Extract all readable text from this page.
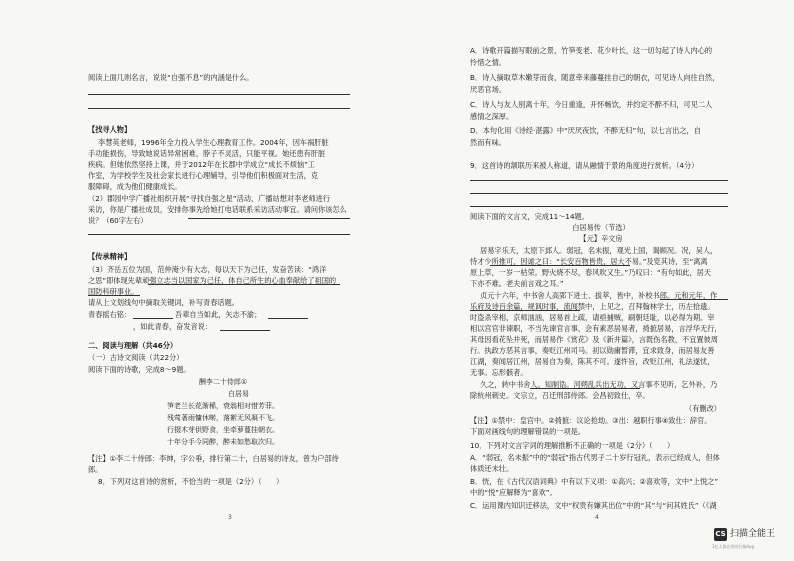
阅读上面几则名言，说说“自强不息”的内涵是什么。
【找寻人物】
李慧英老师，1996年全力投入学生心理教育工作。2004年，因车祸肝脏
手功能损伤，导致她说话异常困难，脖子不灵活，只能平视。她还患有肝脏
疾病。但她依然坚持上课，并于2012年在长郡中学成立“成长不烦恼”工
作室，为学校学生及社会家长进行心理辅导，引导他们积极面对生活，克
服障碍，成为他们健康成长。
（2）郡园中学广播社组织开展“寻找自强之星”活动，广播站想对李老师进行
采访，你是广播社成员，安排你事先给她打电话联系采访活动事宜。请问你该怎么
说？（60字左右）
【传承精神】
（3）齐岳五位为国，范仲淹少有大志，每以天下为己任，发奋苦读：“鸿洋
之思”即体现先辈顽强立志当以国家为己任，体自己所生的心血奉献给了祖国的
国防科研事业。
请从上文划线句中摘取关键词，补写青春话题。
青春摇右铭：	吾辈自当如此，矢志不渝；
，如此青春，奋发音说：
二、阅读与理解（共46分）
（一）古诗文阅读（共22分）
阅读下面的诗歌，完成8～9题。
酬李二十侍郎①
白居易
笋老兰长花渐稀，衰翁相对惜芳菲。
残莺著雨慵休啭，落絮无风凝不飞。
行掇木芽供野食，坐牵萝蔓挂朝衣。
十年分手今同醉，醉未如愁取次归。
【注】①李二十侍郎：李绅，字公垂，排行第二十，白居易的诗友，曾为户部侍
郎。
8．下列对这首诗的赏析，不恰当的一项是（2分）（　　）
3
A．诗歌开篇描写眼前之景，竹笋变老、花少叶长，这一切勾起了诗人内心的
怜惜之情。
B．诗人摘取草木嫩芽而食，随意牵来藤蔓挂自己的朝衣，可见诗人向往自然，
厌恶官场。
C．诗人与友人别离十年，今日重逢，开怀畅饮，并约定不醉不归，可见二人
感情之深厚。
D．本句化用《诗经·湛露》中“厌厌夜饮，不醉无归”句，以七言出之，自
然而有味。
9．这首诗的颔联历来被人称道，请从融情于景的角度进行赏析。（4分）
阅读下面的文言文，完成11～14题。
白居易传（节选）
【元】辛文房
居易字乐天，太原下邽人。弱冠，名未振，观光上国，谒顾况。况，吴人，
恃才少所推可，因谑之曰：“长安百物皆贵，居大不易。”及览其诗，至“离离
原上草，一岁一枯荣。野火烧不尽，春风吹又生。”乃叹曰：“有句如此，居天
下亦不难。老夫前言戏之耳。”
贞元十六年，中书舍人高郢下进士、拔萃，皆中，补校书郎。元和元年，作
乐府及诗百余篇，规讽时事，流闻禁中，上见之，召拜翰林学士，历左拾遗。
时盗杀宰相，京师汹汹，居易首上疏，请亟捕贼，刷朝廷耻，以必得为期。宰
相以宫官非谏职，不当先谏官言事，会有素恶居易者，掎摭居易，言浮华无行，
其母因看花坠井死，而居易作《赏花》及《新井篇》，言既伤名教，不宜置彼周
行。执政方恶其言事，奏贬江州司马。初以勋庸暂滞，宜求致身，而居易友善
江湖，奏闻居江州，居易自为奏，陈其不可。遂忤旨，改贬江州，礼法遂忧，
无事。忘形骸者。
久之，转中书舍人。知制诰。河朔乱兵出无功，又言事不见听，乞外补，乃
除杭州刺史。文宗立，召迁刑部侍郎。会昌初致仕，卒。
（有删改）
【注】①禁中：皇宫中。②掎摭：议论抢劫。③出：越职行事④致仕：辞官。
下面对画线句的理解错误的一项是。
10．下列对文言字词的理解推断不正确的一项是（2分）（　　）
A．“弱冠，名未振”中的“弱冠”指古代男子二十岁行冠礼，表示已经成人，但体
体质还未壮。
B．恍，在《古代汉语词典》中有以下义项：①高兴；②喜欢等，文中“上悦之”
中的“悦”应解释为“喜欢”。
C．运用课内知识迁移法，文中“权贵有嫌其出位”中的“其”与“问其姓氏”（《湖
4
CS 扫描全能王
3亿人都在用的扫描App
